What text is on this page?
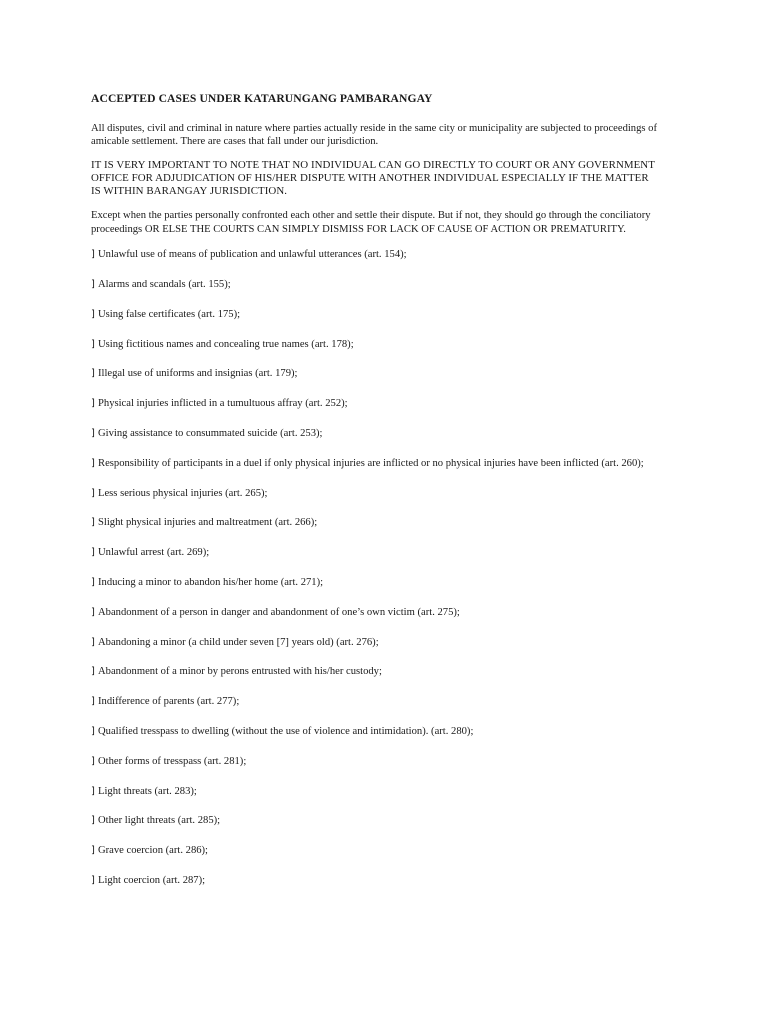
ACCEPTED CASES UNDER KATARUNGANG PAMBARANGAY

All disputes, civil and criminal in nature where parties actually reside in the same city or municipality are subjected to proceedings of amicable settlement. There are cases that fall under our jurisdiction.

IT IS VERY IMPORTANT TO NOTE THAT NO INDIVIDUAL CAN GO DIRECTLY TO COURT OR ANY GOVERNMENT OFFICE FOR ADJUDICATION OF HIS/HER DISPUTE WITH ANOTHER INDIVIDUAL ESPECIALLY IF THE MATTER IS WITHIN BARANGAY JURISDICTION.

Except when the parties personally confronted each other and settle their dispute. But if not, they should go through the conciliatory proceedings OR ELSE THE COURTS CAN SIMPLY DISMISS FOR LACK OF CAUSE OF ACTION OR PREMATURITY.

] Unlawful use of means of publication and unlawful utterances (art. 154);
] Alarms and scandals (art. 155);
] Using false certificates (art. 175);
] Using fictitious names and concealing true names (art. 178);
] Illegal use of uniforms and insignias (art. 179);
] Physical injuries inflicted in a tumultuous affray (art. 252);
] Giving assistance to consummated suicide (art. 253);
] Responsibility of participants in a duel if only physical injuries are inflicted or no physical injuries have been inflicted (art. 260);
] Less serious physical injuries (art. 265);
] Slight physical injuries and maltreatment (art. 266);
] Unlawful arrest (art. 269);
] Inducing a minor to abandon his/her home (art. 271);
] Abandonment of a person in danger and abandonment of one’s own victim (art. 275);
] Abandoning a minor (a child under seven [7] years old) (art. 276);
] Abandonment of a minor by perons entrusted with his/her custody;
] Indifference of parents (art. 277);
] Qualified tresspass to dwelling (without the use of violence and intimidation). (art. 280);
] Other forms of tresspass (art. 281);
] Light threats (art. 283);
] Other light threats (art. 285);
] Grave coercion (art. 286);
] Light coercion (art. 287);
